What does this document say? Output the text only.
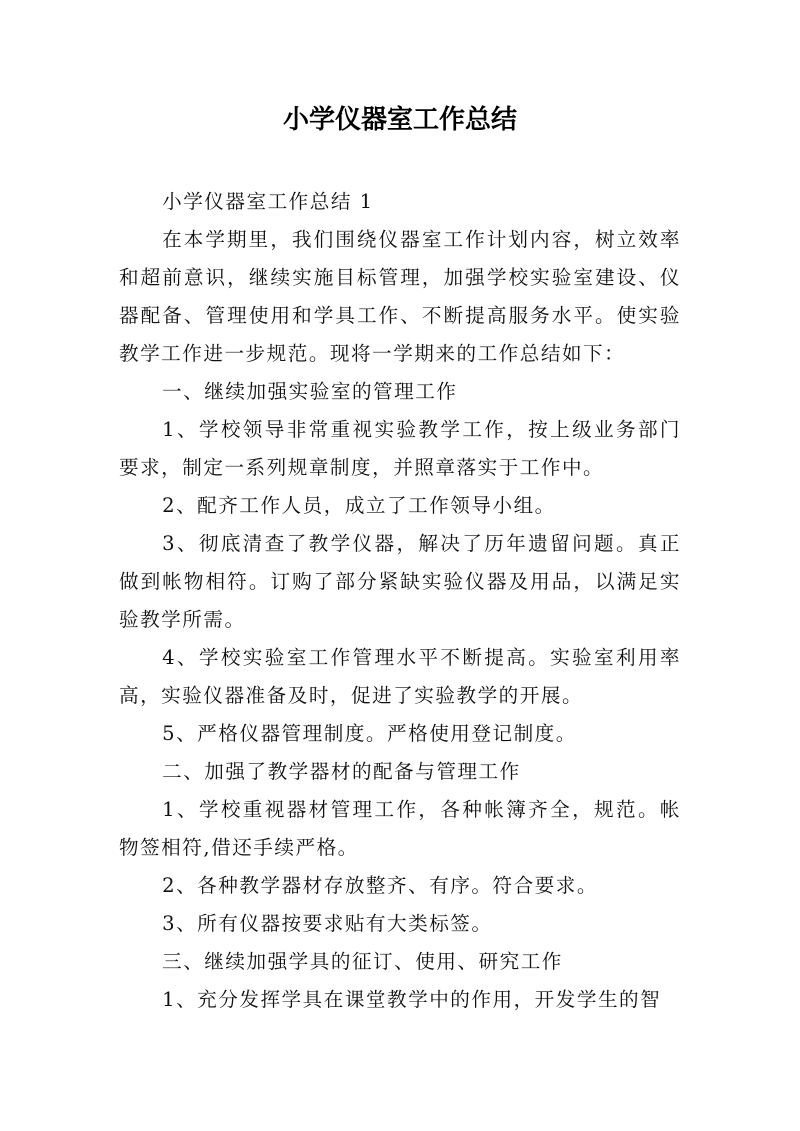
小学仪器室工作总结

小学仪器室工作总结 1

在本学期里，我们围绕仪器室工作计划内容，树立效率和超前意识，继续实施目标管理，加强学校实验室建设、仪器配备、管理使用和学具工作、不断提高服务水平。使实验教学工作进一步规范。现将一学期来的工作总结如下：

一、继续加强实验室的管理工作

1、学校领导非常重视实验教学工作，按上级业务部门要求，制定一系列规章制度，并照章落实于工作中。

2、配齐工作人员，成立了工作领导小组。

3、彻底清查了教学仪器，解决了历年遗留问题。真正做到帐物相符。订购了部分紧缺实验仪器及用品，以满足实验教学所需。

4、学校实验室工作管理水平不断提高。实验室利用率高，实验仪器准备及时，促进了实验教学的开展。

5、严格仪器管理制度。严格使用登记制度。

二、加强了教学器材的配备与管理工作

1、学校重视器材管理工作，各种帐簿齐全，规范。帐物签相符,借还手续严格。

2、各种教学器材存放整齐、有序。符合要求。

3、所有仪器按要求贴有大类标签。

三、继续加强学具的征订、使用、研究工作

1、充分发挥学具在课堂教学中的作用，开发学生的智
